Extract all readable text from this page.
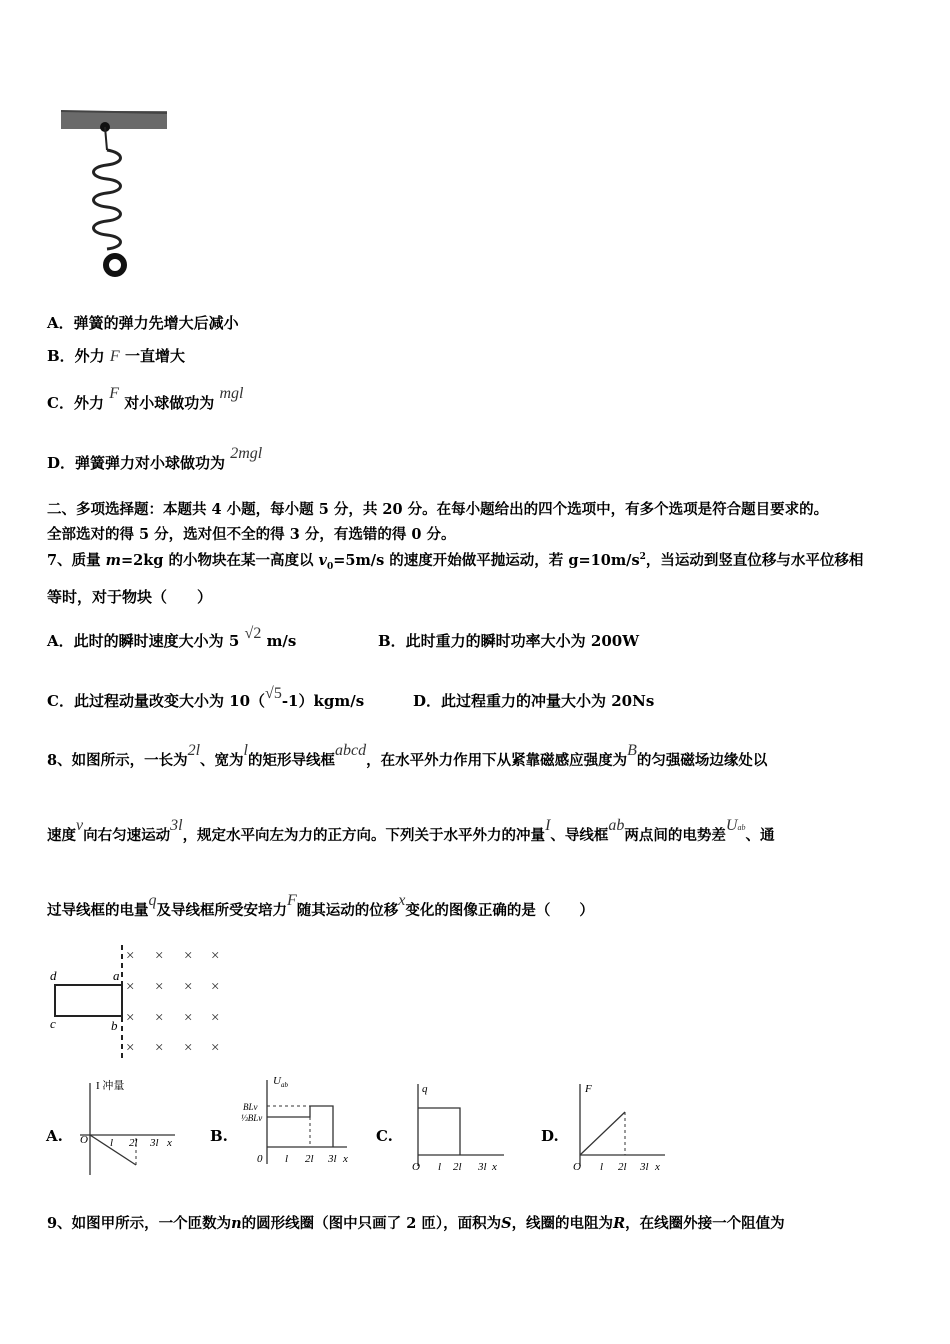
A．弹簧的弹力先增大后减小
B．外力 F 一直增大
C．外力 F 对小球做功为 mgl
D．弹簧弹力对小球做功为 2mgl
二、多项选择题：本题共 4 小题，每小题 5 分，共 20 分。在每小题给出的四个选项中，有多个选项是符合题目要求的。
全部选对的得 5 分，选对但不全的得 3 分，有选错的得 0 分。
7、质量 m=2kg 的小物块在某一高度以 $v_0=5m/s$ 的速度开始做平抛运动，若 $g=10m/s^2$，当运动到竖直位移与水平位移相
等时，对于物块（　　）
A．此时的瞬时速度大小为 5 √2 m/s	B．此时重力的瞬时功率大小为 200W
C．此过程动量改变大小为 10（√5-1）kgm/s	D．此过程重力的冲量大小为 20Ns
8、如图所示，一长为2l、宽为l的矩形导线框abcd，在水平外力作用下从紧靠磁感应强度为B的匀强磁场边缘处以
速度v向右匀速运动3l，规定水平向左为力的正方向。下列关于水平外力的冲量I、导线框ab两点间的电势差$U_{ab}$、通
过导线框的电量q及导线框所受安培力F随其运动的位移x变化的图像正确的是（　　）
d	a
c	b
× × × ×
× × × ×
× × × ×
× × × ×
A.	B.	C.	D.
I 冲量
O l 2l 3l x
$U_{ab}$
BLv
⅓BLv
0 l 2l 3l x
q
O l 2l 3l x
F
O l 2l 3l x
9、如图甲所示，一个匝数为n的圆形线圈（图中只画了 2 匝），面积为S，线圈的电阻为R，在线圈外接一个阻值为
